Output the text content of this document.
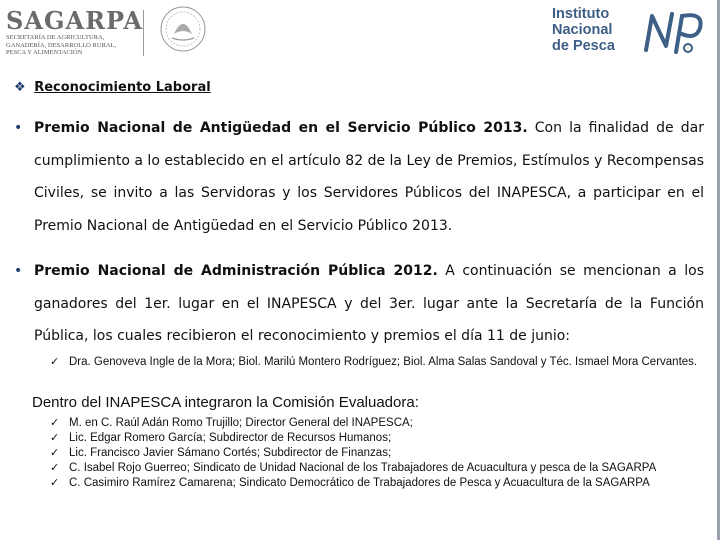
SAGARPA
SECRETARÍA DE AGRICULTURA,
GANADERÍA, DESARROLLO RURAL,
PESCA Y ALIMENTACIÓN
Instituto
Nacional
de Pesca
❖ Reconocimiento Laboral
• Premio Nacional de Antigüedad en el Servicio Público 2013. Con la finalidad de dar cumplimiento a lo establecido en el artículo 82 de la Ley de Premios, Estímulos y Recompensas Civiles, se invito a las Servidoras y los Servidores Públicos del INAPESCA, a participar en el Premio Nacional de Antigüedad en el Servicio Público 2013.
• Premio Nacional de Administración Pública 2012. A continuación se mencionan a los ganadores del 1er. lugar en el INAPESCA y del 3er. lugar ante la Secretaría de la Función Pública, los cuales recibieron el reconocimiento y premios el día 11 de junio:
✓ Dra. Genoveva Ingle de la Mora; Biol. Marilú Montero Rodríguez; Biol. Alma Salas Sandoval y Téc. Ismael Mora Cervantes.
Dentro del INAPESCA integraron la Comisión Evaluadora:
✓ M. en C. Raúl Adán Romo Trujillo; Director General del INAPESCA;
✓ Lic. Edgar Romero García; Subdirector de Recursos Humanos;
✓ Lic. Francisco Javier Sámano Cortés; Subdirector de Finanzas;
✓ C. Isabel Rojo Guerreo; Sindicato de Unidad Nacional de los Trabajadores de Acuacultura y pesca de la SAGARPA
✓ C. Casimiro Ramírez Camarena; Sindicato Democrático de Trabajadores de Pesca y Acuacultura de la SAGARPA
